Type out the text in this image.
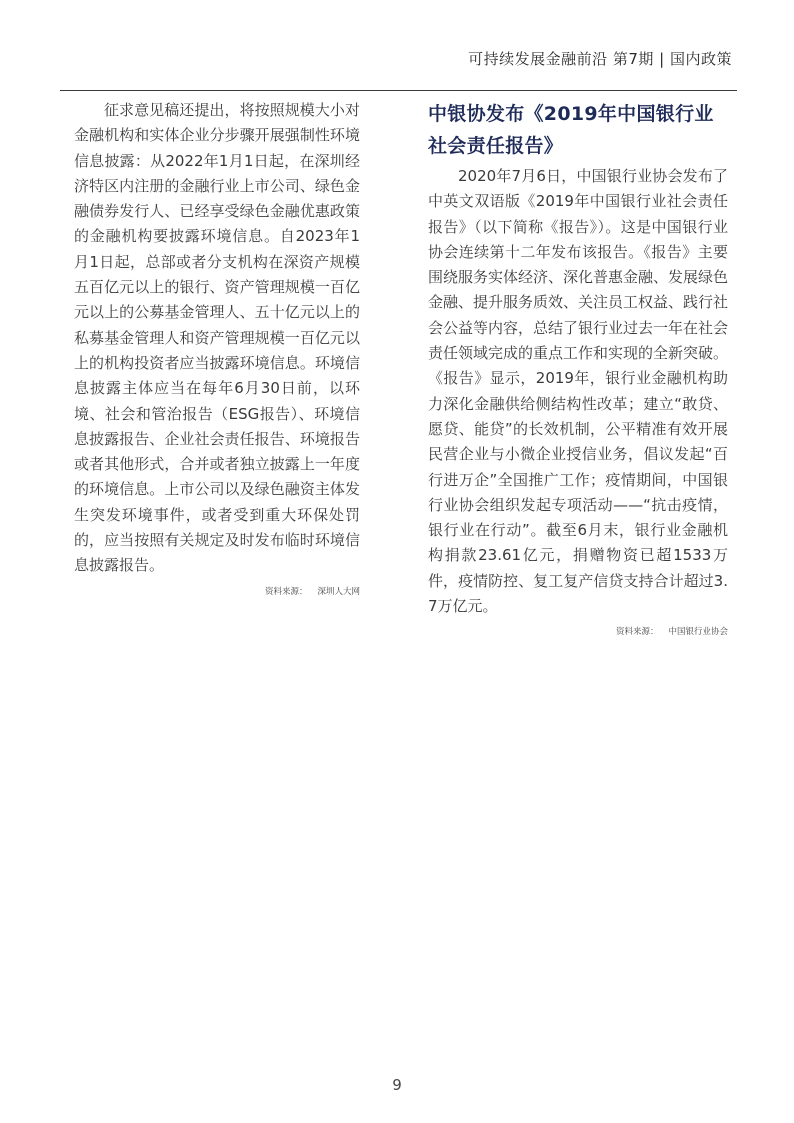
可持续发展金融前沿 第7期 | 国内政策

征求意见稿还提出，将按照规模大小对金融机构和实体企业分步骤开展强制性环境信息披露：从2022年1月1日起，在深圳经济特区内注册的金融行业上市公司、绿色金融债券发行人、已经享受绿色金融优惠政策的金融机构要披露环境信息。自2023年1月1日起，总部或者分支机构在深资产规模五百亿元以上的银行、资产管理规模一百亿元以上的公募基金管理人、五十亿元以上的私募基金管理人和资产管理规模一百亿元以上的机构投资者应当披露环境信息。环境信息披露主体应当在每年6月30日前，以环境、社会和管治报告（ESG报告）、环境信息披露报告、企业社会责任报告、环境报告或者其他形式，合并或者独立披露上一年度的环境信息。上市公司以及绿色融资主体发生突发环境事件，或者受到重大环保处罚的，应当按照有关规定及时发布临时环境信息披露报告。

资料来源： 深圳人大网
中银协发布《2019年中国银行业社会责任报告》

2020年7月6日，中国银行业协会发布了中英文双语版《2019年中国银行业社会责任报告》（以下简称《报告》）。这是中国银行业协会连续第十二年发布该报告。《报告》主要围绕服务实体经济、深化普惠金融、发展绿色金融、提升服务质效、关注员工权益、践行社会公益等内容，总结了银行业过去一年在社会责任领域完成的重点工作和实现的全新突破。《报告》显示，2019年，银行业金融机构助力深化金融供给侧结构性改革；建立“敢贷、愿贷、能贷”的长效机制，公平精准有效开展民营企业与小微企业授信业务，倡议发起“百行进万企”全国推广工作；疫情期间，中国银行业协会组织发起专项活动——“抗击疫情，银行业在行动”。截至6月末，银行业金融机构捐款23.61亿元，捐赠物资已超1533万件，疫情防控、复工复产信贷支持合计超过3.7万亿元。

资料来源： 中国银行业协会
9
